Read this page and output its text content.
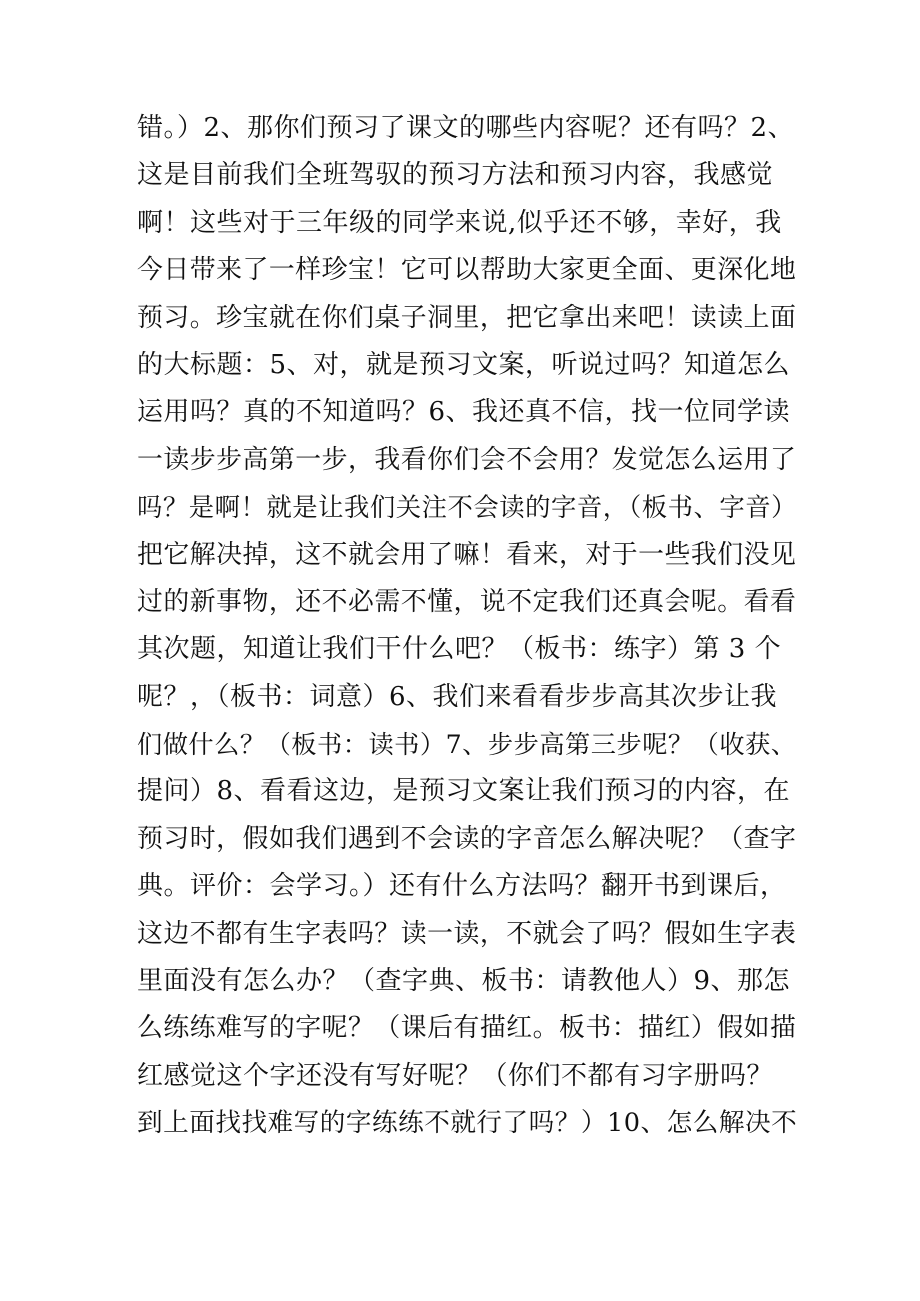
错。）2、那你们预习了课文的哪些内容呢？还有吗？2、
这是目前我们全班驾驭的预习方法和预习内容，我感觉
啊！这些对于三年级的同学来说,似乎还不够，幸好，我
今日带来了一样珍宝！它可以帮助大家更全面、更深化地
预习。珍宝就在你们桌子洞里，把它拿出来吧！读读上面
的大标题：5、对，就是预习文案，听说过吗？知道怎么
运用吗？真的不知道吗？6、我还真不信，找一位同学读
一读步步高第一步，我看你们会不会用？发觉怎么运用了
吗？是啊！就是让我们关注不会读的字音，（板书、字音）
把它解决掉，这不就会用了嘛！看来，对于一些我们没见
过的新事物，还不必需不懂，说不定我们还真会呢。看看
其次题，知道让我们干什么吧？（板书：练字）第 3 个
呢？，（板书：词意）6、我们来看看步步高其次步让我
们做什么？（板书：读书）7、步步高第三步呢？（收获、
提问）8、看看这边，是预习文案让我们预习的内容，在
预习时，假如我们遇到不会读的字音怎么解决呢？（查字
典。评价：会学习。）还有什么方法吗？翻开书到课后，
这边不都有生字表吗？读一读，不就会了吗？假如生字表
里面没有怎么办？（查字典、板书：请教他人）9、那怎
么练练难写的字呢？（课后有描红。板书：描红）假如描
红感觉这个字还没有写好呢？（你们不都有习字册吗？
到上面找找难写的字练练不就行了吗？）10、怎么解决不
